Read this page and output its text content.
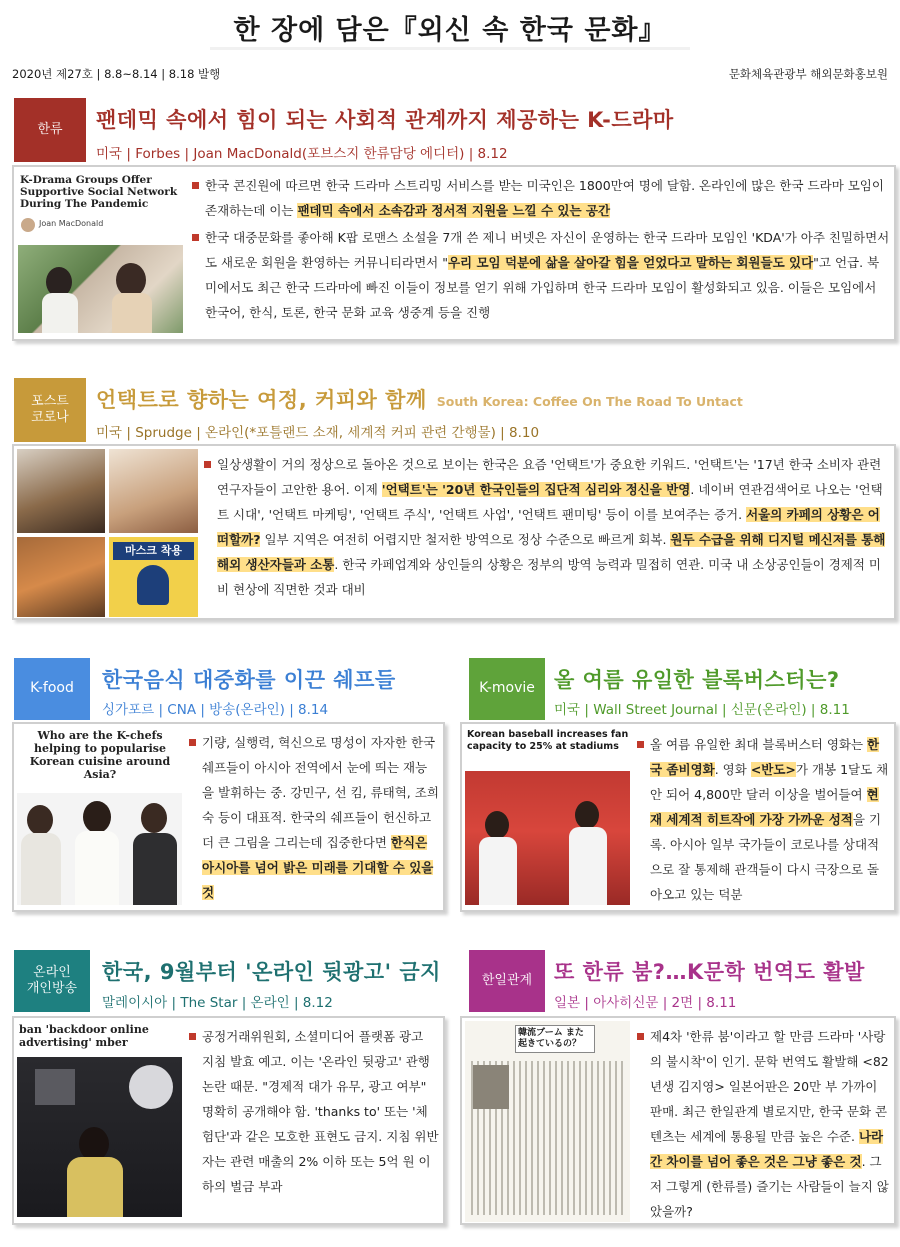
한 장에 담은『외신 속 한국 문화』
2020년 제27호 | 8.8~8.14 | 8.18 발행	문화체육관광부 해외문화홍보원
한류	팬데믹 속에서 힘이 되는 사회적 관계까지 제공하는 K-드라마
미국 | Forbes | Joan MacDonald(포브스지 한류담당 에디터) | 8.12
K-Drama Groups Offer Supportive Social Network During The Pandemic
Joan MacDonald
한국 콘진원에 따르면 한국 드라마 스트리밍 서비스를 받는 미국인은 1800만여 명에 달함. 온라인에 많은 한국 드라마 모임이 존재하는데 이는 팬데믹 속에서 소속감과 정서적 지원을 느낄 수 있는 공간
한국 대중문화를 좋아해 K팝 로맨스 소설을 7개 쓴 제니 버넷은 자신이 운영하는 한국 드라마 모임인 'KDA'가 아주 친밀하면서도 새로운 회원을 환영하는 커뮤니티라면서 "우리 모임 덕분에 삶을 살아갈 힘을 얻었다고 말하는 회원들도 있다"고 언급. 북미에서도 최근 한국 드라마에 빠진 이들이 정보를 얻기 위해 가입하며 한국 드라마 모임이 활성화되고 있음. 이들은 모임에서 한국어, 한식, 토론, 한국 문화 교육 생중계 등을 진행
포스트
코로나
언택트로 향하는 여정, 커피와 함께 South Korea: Coffee On The Road To Untact
미국 | Sprudge | 온라인(*포틀랜드 소재, 세계적 커피 관련 간행물) | 8.10
마스크 착용
일상생활이 거의 정상으로 돌아온 것으로 보이는 한국은 요즘 '언택트'가 중요한 키워드. '언택트'는 '17년 한국 소비자 관련 연구자들이 고안한 용어. 이제 '언택트'는 '20년 한국인들의 집단적 심리와 정신을 반영. 네이버 연관검색어로 나오는 '언택트 시대', '언택트 마케팅', '언택트 주식', '언택트 사업', '언택트 팬미팅' 등이 이를 보여주는 증거. 서울의 카페의 상황은 어떠할까? 일부 지역은 여전히 어렵지만 철저한 방역으로 정상 수준으로 빠르게 회복. 원두 수급을 위해 디지털 메신저를 통해 해외 생산자들과 소통. 한국 카페업계와 상인들의 상황은 정부의 방역 능력과 밀접히 연관. 미국 내 소상공인들이 경제적 미비 현상에 직면한 것과 대비
K-food	한국음식 대중화를 이끈 쉐프들
싱가포르 | CNA | 방송(온라인) | 8.14
Who are the K-chefs helping to popularise Korean cuisine around Asia?
기량, 실행력, 혁신으로 명성이 자자한 한국 쉐프들이 아시아 전역에서 눈에 띄는 재능을 발휘하는 중. 강민구, 선 킴, 류태혁, 조희숙 등이 대표적. 한국의 쉐프들이 헌신하고 더 큰 그림을 그리는데 집중한다면 한식은 아시아를 넘어 밝은 미래를 기대할 수 있을 것
K-movie 올 여름 유일한 블록버스터는?
미국 | Wall Street Journal | 신문(온라인) | 8.11
Korean baseball increases fan capacity to 25% at stadiums	올 여름 유일한 최대 블록버스터 영화는 한국 좀비영화. 영화 <반도>가 개봉 1달도 채 안 되어 4,800만 달러 이상을 벌어들여 현재 세계적 히트작에 가장 가까운 성적을 기록. 아시아 일부 국가들이 코로나를 상대적으로 잘 통제해 관객들이 다시 극장으로 돌아오고 있는 덕분
온라인
개인방송
한국, 9월부터 '온라인 뒷광고' 금지
말레이시아 | The Star | 온라인 | 8.12
ban 'backdoor online advertising' mber	공정거래위원회, 소셜미디어 플랫폼 광고 지침 발효 예고. 이는 '온라인 뒷광고' 관행 논란 때문. "경제적 대가 유무, 광고 여부" 명확히 공개해야 함. 'thanks to' 또는 '체험단'과 같은 모호한 표현도 금지. 지침 위반자는 관련 매출의 2% 이하 또는 5억 원 이하의 벌금 부과
한일관계	또 한류 붐?…K문학 번역도 활발
일본 | 아사히신문 | 2면 | 8.11
韓流ブーム また起きているの？	제4차 '한류 붐'이라고 할 만큼 드라마 '사랑의 불시착'이 인기. 문학 번역도 활발해 <82년생 김지영> 일본어판은 20만 부 가까이 판매. 최근 한일관계 별로지만, 한국 문화 콘텐츠는 세계에 통용될 만큼 높은 수준. 나라 간 차이를 넘어 좋은 것은 그냥 좋은 것. 그저 그렇게 (한류를) 즐기는 사람들이 늘지 않았을까?
